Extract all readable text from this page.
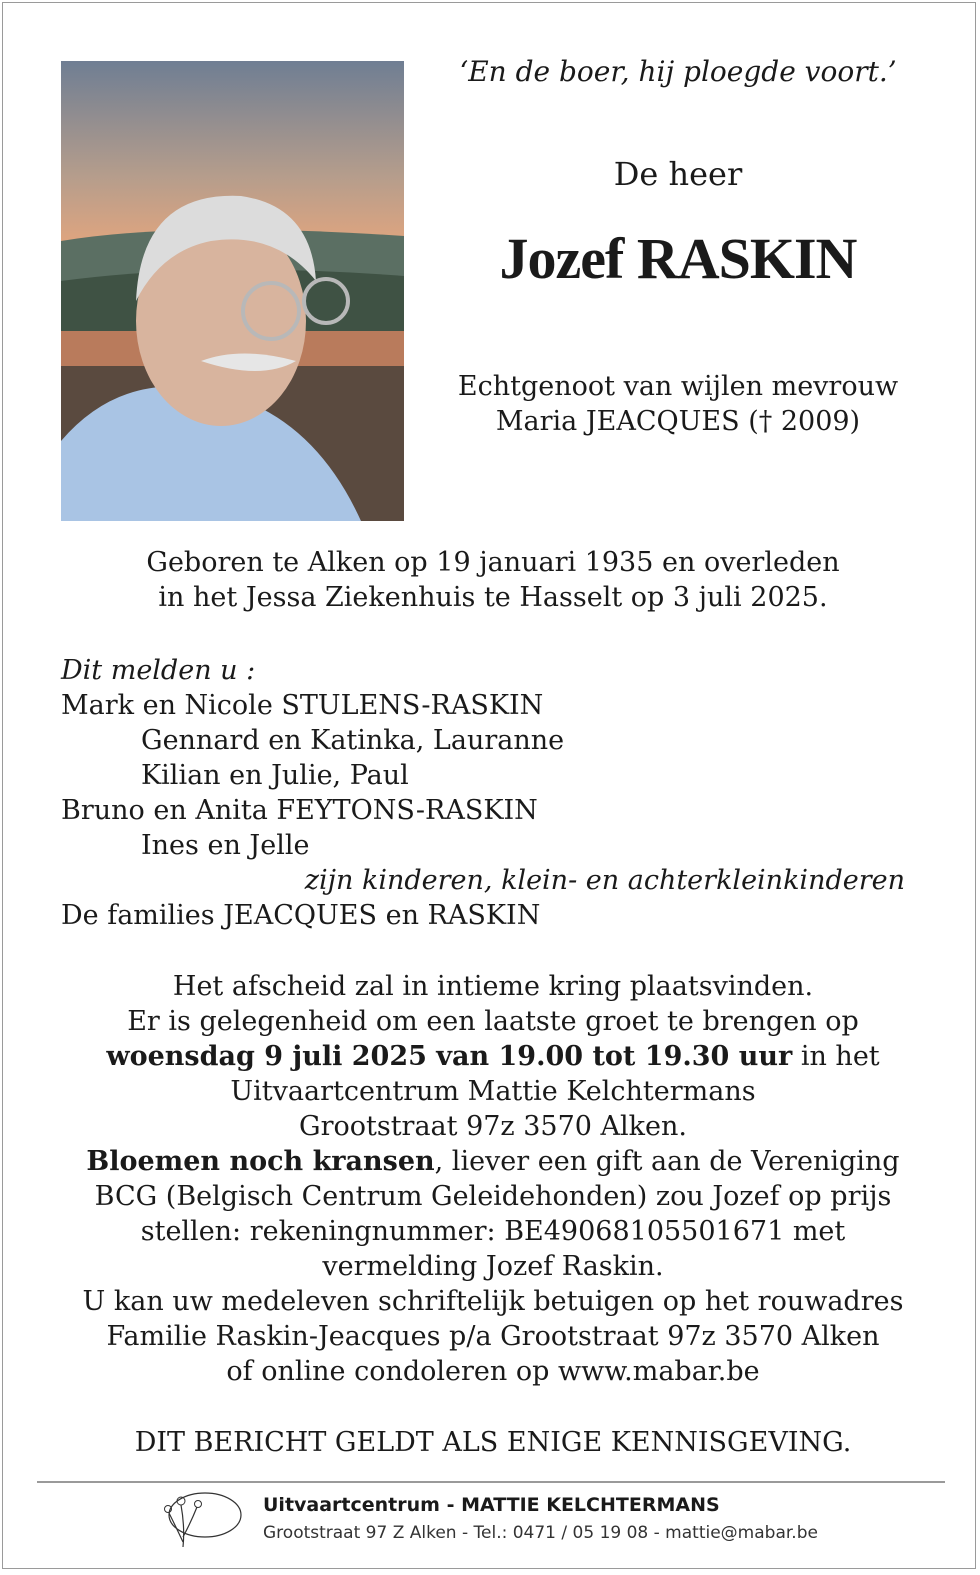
‘En de boer, hij ploegde voort.’
De heer
Jozef RASKIN
Echtgenoot van wijlen mevrouw
Maria JEACQUES († 2009)
Geboren te Alken op 19 januari 1935 en overleden
in het Jessa Ziekenhuis te Hasselt op 3 juli 2025.
Dit melden u :
Mark en Nicole STULENS-RASKIN
Gennard en Katinka, Lauranne
Kilian en Julie, Paul
Bruno en Anita FEYTONS-RASKIN
Ines en Jelle
zijn kinderen, klein- en achterkleinkinderen
De families JEACQUES en RASKIN
Het afscheid zal in intieme kring plaatsvinden.
Er is gelegenheid om een laatste groet te brengen op
woensdag 9 juli 2025 van 19.00 tot 19.30 uur in het
Uitvaartcentrum Mattie Kelchtermans
Grootstraat 97z 3570 Alken.
Bloemen noch kransen, liever een gift aan de Vereniging
BCG (Belgisch Centrum Geleidehonden) zou Jozef op prijs
stellen: rekeningnummer: BE49068105501671 met
vermelding Jozef Raskin.
U kan uw medeleven schriftelijk betuigen op het rouwadres
Familie Raskin-Jeacques p/a Grootstraat 97z 3570 Alken
of online condoleren op www.mabar.be
DIT BERICHT GELDT ALS ENIGE KENNISGEVING.
Uitvaartcentrum - MATTIE KELCHTERMANS
Grootstraat 97 Z Alken - Tel.: 0471 / 05 19 08 - mattie@mabar.be
